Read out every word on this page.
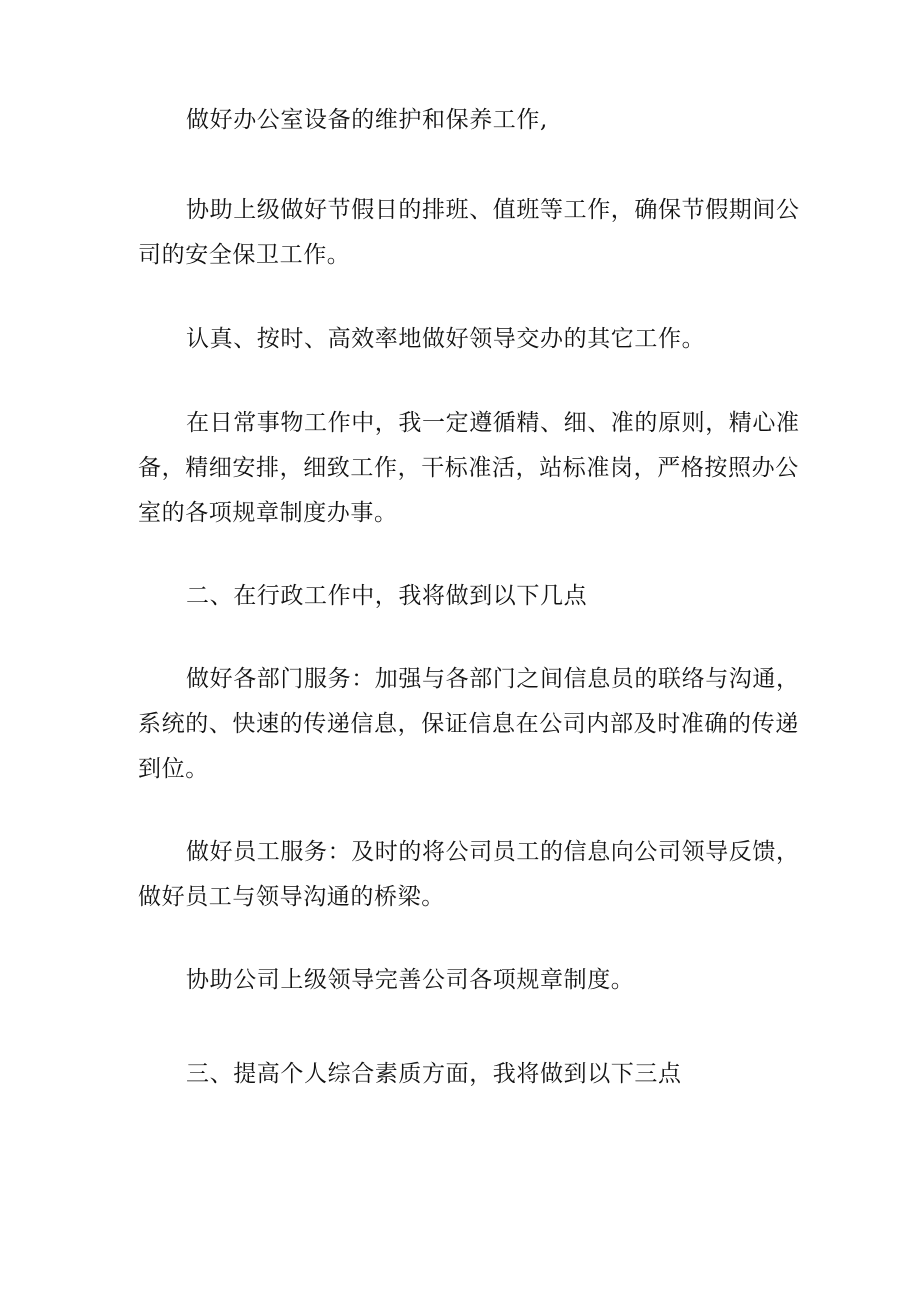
做好办公室设备的维护和保养工作,

协助上级做好节假日的排班、值班等工作，确保节假期间公司的安全保卫工作。

认真、按时、高效率地做好领导交办的其它工作。

在日常事物工作中，我一定遵循精、细、准的原则，精心准备，精细安排，细致工作，干标准活，站标准岗，严格按照办公室的各项规章制度办事。

二、在行政工作中，我将做到以下几点

做好各部门服务：加强与各部门之间信息员的联络与沟通，系统的、快速的传递信息，保证信息在公司内部及时准确的传递到位。

做好员工服务：及时的将公司员工的信息向公司领导反馈，做好员工与领导沟通的桥梁。

协助公司上级领导完善公司各项规章制度。

三、提高个人综合素质方面，我将做到以下三点
